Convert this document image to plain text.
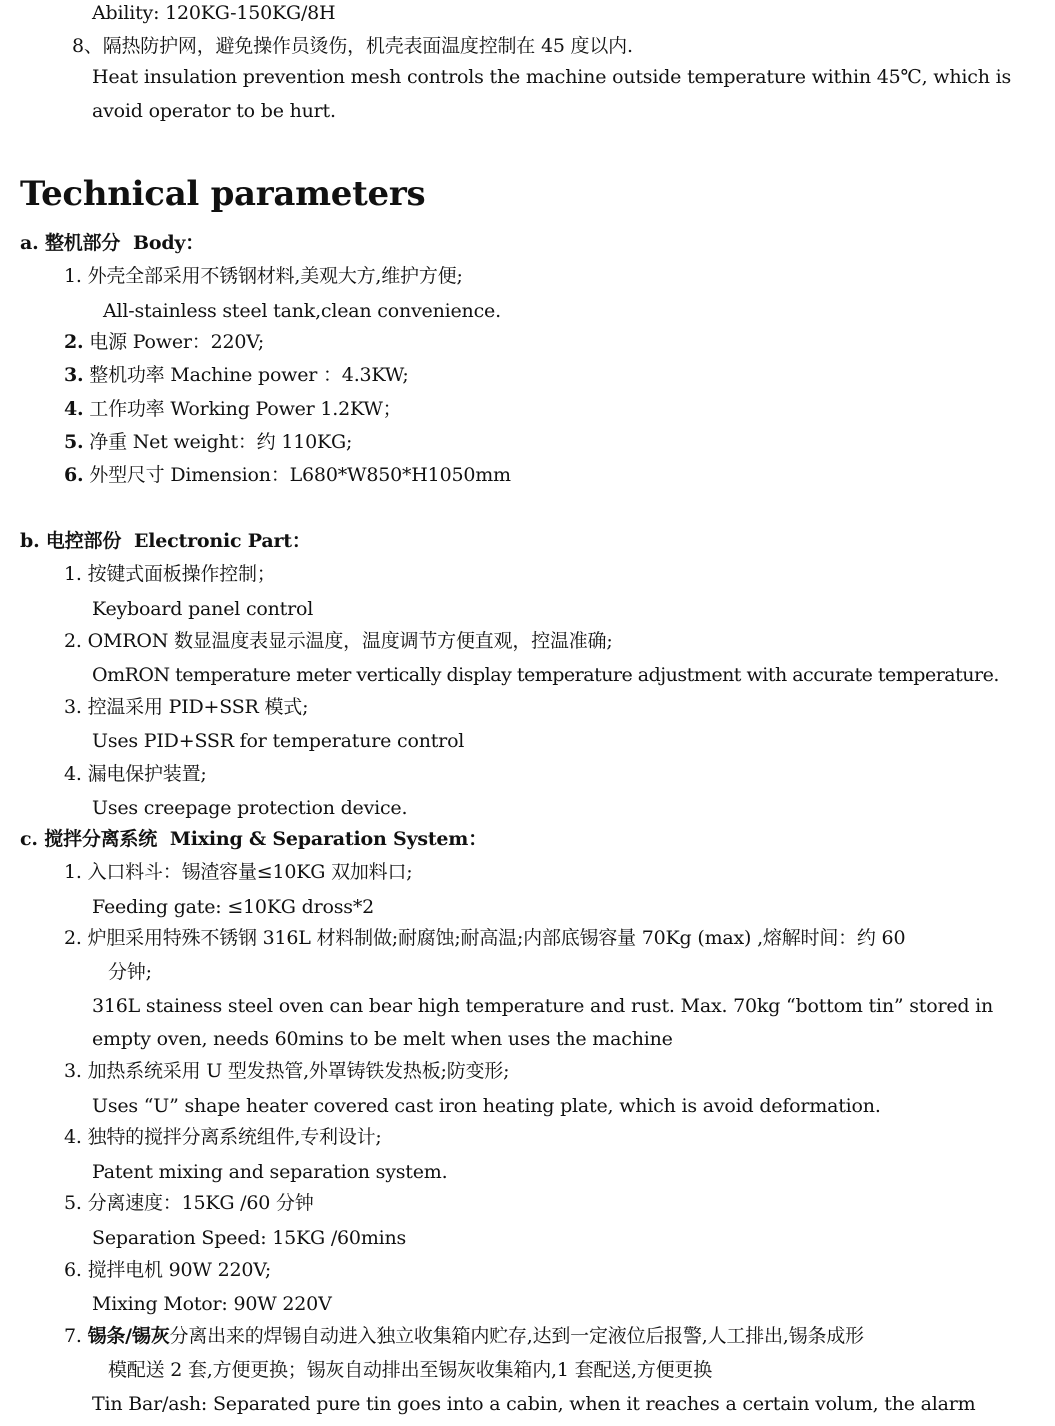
Ability: 120KG-150KG/8H
8、隔热防护网，避免操作员烫伤，机壳表面温度控制在 45 度以内.
Heat insulation prevention mesh controls the machine outside temperature within 45℃, which is
avoid operator to be hurt.
Technical parameters
a. 整机部分 Body：
1. 外壳全部采用不锈钢材料,美观大方,维护方便;
All-stainless steel tank,clean convenience.
2. 电源 Power：220V;
3. 整机功率 Machine power ：4.3KW;
4. 工作功率 Working Power 1.2KW；
5. 净重 Net weight：约 110KG;
6. 外型尺寸 Dimension：L680*W850*H1050mm
b. 电控部份 Electronic Part：
1. 按键式面板操作控制；
Keyboard panel control
2. OMRON 数显温度表显示温度，温度调节方便直观，控温准确;
OmRON temperature meter vertically display temperature adjustment with accurate temperature.
3. 控温采用 PID+SSR 模式;
Uses PID+SSR for temperature control
4. 漏电保护装置;
Uses creepage protection device.
c. 搅拌分离系统 Mixing & Separation System：
1. 入口料斗：锡渣容量≤10KG 双加料口;
Feeding gate: ≤10KG dross*2
2. 炉胆采用特殊不锈钢 316L 材料制做;耐腐蚀;耐高温;内部底锡容量 70Kg (max) ,熔解时间：约 60
分钟;
316L stainess steel oven can bear high temperature and rust. Max. 70kg “bottom tin” stored in
empty oven, needs 60mins to be melt when uses the machine
3. 加热系统采用 U 型发热管,外罩铸铁发热板;防变形;
Uses “U” shape heater covered cast iron heating plate, which is avoid deformation.
4. 独特的搅拌分离系统组件,专利设计;
Patent mixing and separation system.
5. 分离速度：15KG /60 分钟
Separation Speed: 15KG /60mins
6. 搅拌电机 90W 220V;
Mixing Motor: 90W 220V
7. 锡条/锡灰分离出来的焊锡自动进入独立收集箱内贮存,达到一定液位后报警,人工排出,锡条成形
模配送 2 套,方便更换；锡灰自动排出至锡灰收集箱内,1 套配送,方便更换
Tin Bar/ash: Separated pure tin goes into a cabin, when it reaches a certain volum, the alarm
